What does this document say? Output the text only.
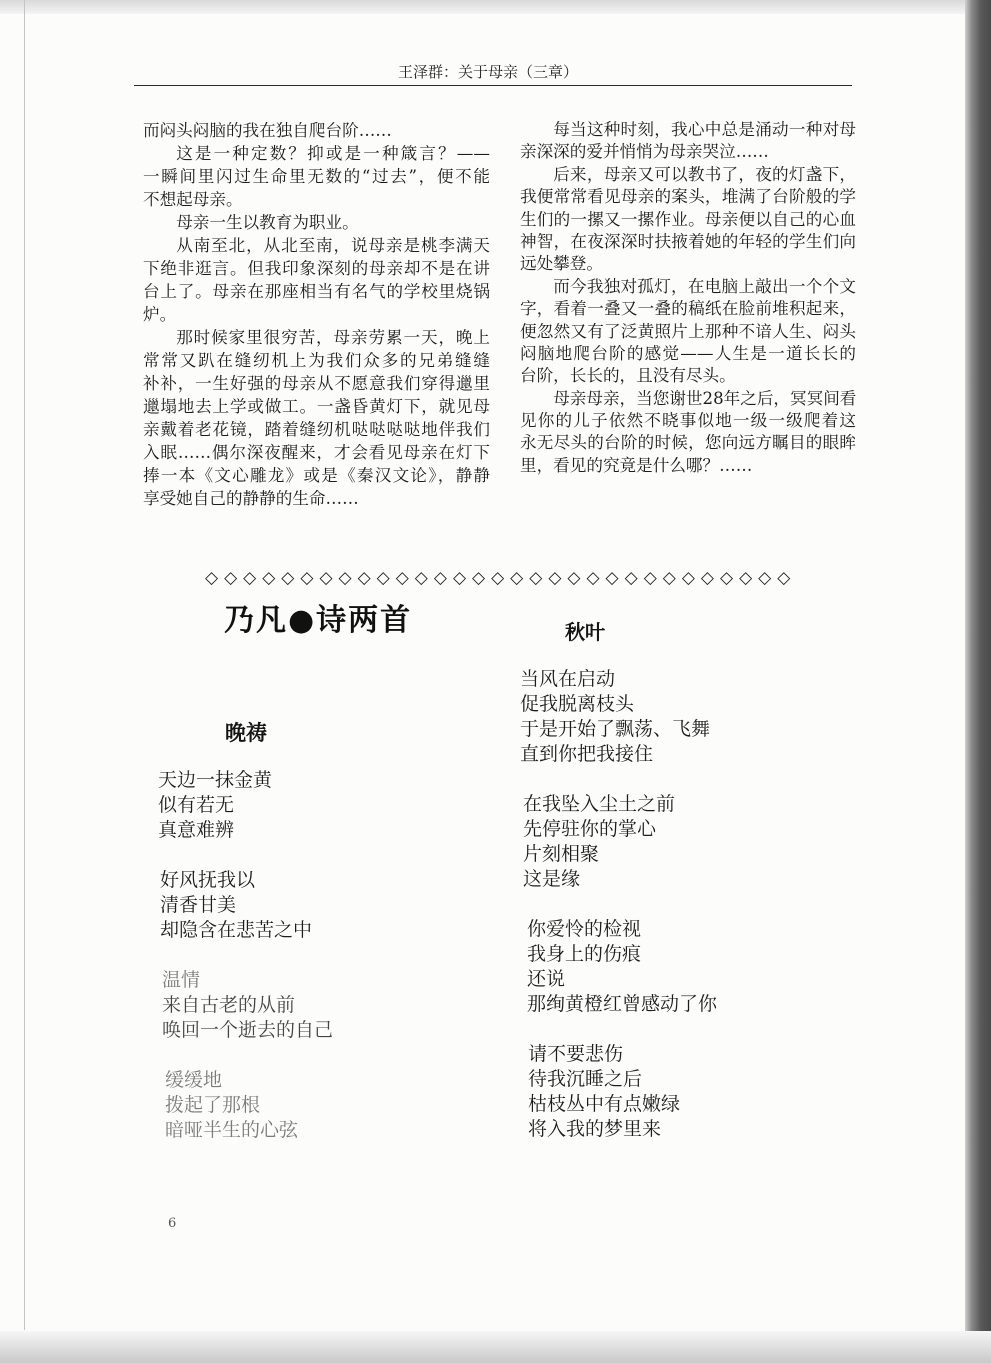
王泽群：关于母亲（三章）
而闷头闷脑的我在独自爬台阶……
这是一种定数？抑或是一种箴言？——
一瞬间里闪过生命里无数的“过去”，便不能
不想起母亲。
母亲一生以教育为职业。
从南至北，从北至南，说母亲是桃李满天
下绝非逛言。但我印象深刻的母亲却不是在讲
台上了。母亲在那座相当有名气的学校里烧锅
炉。
那时候家里很穷苦，母亲劳累一天，晚上
常常又趴在缝纫机上为我们众多的兄弟缝缝
补补，一生好强的母亲从不愿意我们穿得邋里
邋塌地去上学或做工。一盏昏黄灯下，就见母
亲戴着老花镜，踏着缝纫机哒哒哒哒地伴我们
入眠……偶尔深夜醒来，才会看见母亲在灯下
捧一本《文心雕龙》或是《秦汉文论》，静静
享受她自己的静静的生命……
每当这种时刻，我心中总是涌动一种对母
亲深深的爱并悄悄为母亲哭泣……
后来，母亲又可以教书了，夜的灯盏下，
我便常常看见母亲的案头，堆满了台阶般的学
生们的一摞又一摞作业。母亲便以自己的心血
神智，在夜深深时扶掖着她的年轻的学生们向
远处攀登。
而今我独对孤灯，在电脑上敲出一个个文
字，看着一叠又一叠的稿纸在脸前堆积起来，
便忽然又有了泛黄照片上那种不谙人生、闷头
闷脑地爬台阶的感觉——人生是一道长长的
台阶，长长的，且没有尽头。
母亲母亲，当您谢世28年之后，冥冥间看
见你的儿子依然不晓事似地一级一级爬着这
永无尽头的台阶的时候，您向远方瞩目的眼眸
里，看见的究竟是什么哪？……
◇◇◇◇◇◇◇◇◇◇◇◇◇◇◇◇◇◇◇◇◇◇◇◇◇◇◇◇◇◇◇
乃凡●诗两首
晚祷
天边一抹金黄
似有若无
真意难辨
好风抚我以
清香甘美
却隐含在悲苦之中
温情
来自古老的从前
唤回一个逝去的自己
缓缓地
拨起了那根
暗哑半生的心弦
秋叶
当风在启动
促我脱离枝头
于是开始了飘荡、飞舞
直到你把我接住
在我坠入尘土之前
先停驻你的掌心
片刻相聚
这是缘
你爱怜的检视
我身上的伤痕
还说
那绚黄橙红曾感动了你
请不要悲伤
待我沉睡之后
枯枝丛中有点嫩绿
将入我的梦里来
6
